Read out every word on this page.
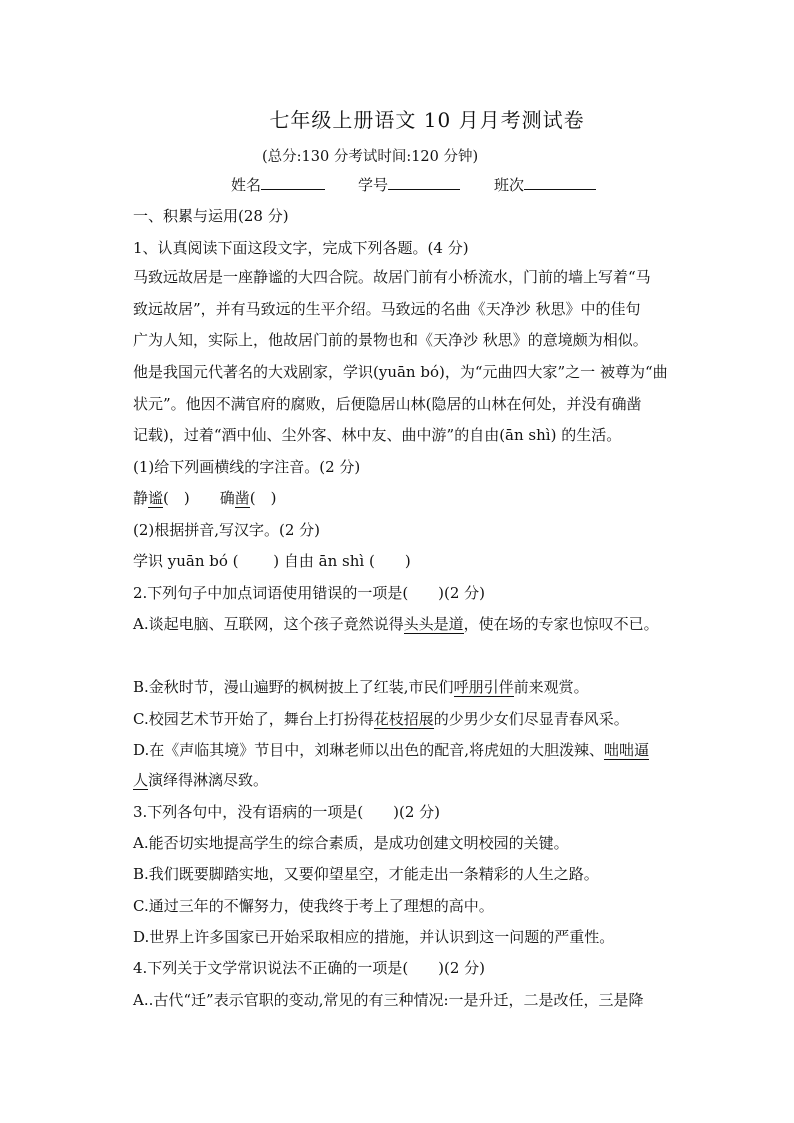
七年级上册语文 10 月月考测试卷
(总分:130 分考试时间:120 分钟)
姓名	学号	班次
一、积累与运用(28 分)
1、认真阅读下面这段文字，完成下列各题。(4 分)
马致远故居是一座静谧的大四合院。故居门前有小桥流水，门前的墙上写着“马
致远故居”，并有马致远的生平介绍。马致远的名曲《天净沙 秋思》中的佳句
广为人知，实际上，他故居门前的景物也和《天净沙 秋思》的意境颇为相似。
他是我国元代著名的大戏剧家，学识(yuān bó)，为“元曲四大家”之一 被尊为“曲
状元”。他因不满官府的腐败，后便隐居山林(隐居的山林在何处，并没有确凿
记载)，过着“酒中仙、尘外客、林中友、曲中游”的自由(ān shì) 的生活。
(1)给下列画横线的字注音。(2 分)
静谧(　)   确凿(　)
(2)根据拼音,写汉字。(2 分)
学识 yuān bó (　　 ) 自由 ān shì (　　)
2.下列句子中加点词语使用错误的一项是(　　)(2 分)
A.谈起电脑、互联网，这个孩子竟然说得头头是道，使在场的专家也惊叹不已。
B.金秋时节，漫山遍野的枫树披上了红装,市民们呼朋引伴前来观赏。
C.校园艺术节开始了，舞台上打扮得花枝招展的少男少女们尽显青春风采。
D.在《声临其境》节目中，刘琳老师以出色的配音,将虎妞的大胆泼辣、咄咄逼
人演绎得淋漓尽致。
3.下列各句中，没有语病的一项是(　　)(2 分)
A.能否切实地提高学生的综合素质，是成功创建文明校园的关键。
B.我们既要脚踏实地，又要仰望星空，才能走出一条精彩的人生之路。
C.通过三年的不懈努力，使我终于考上了理想的高中。
D.世界上许多国家已开始采取相应的措施，并认识到这一问题的严重性。
4.下列关于文学常识说法不正确的一项是(　　)(2 分)
A..古代“迁”表示官职的变动,常见的有三种情况:一是升迁，二是改任，三是降
